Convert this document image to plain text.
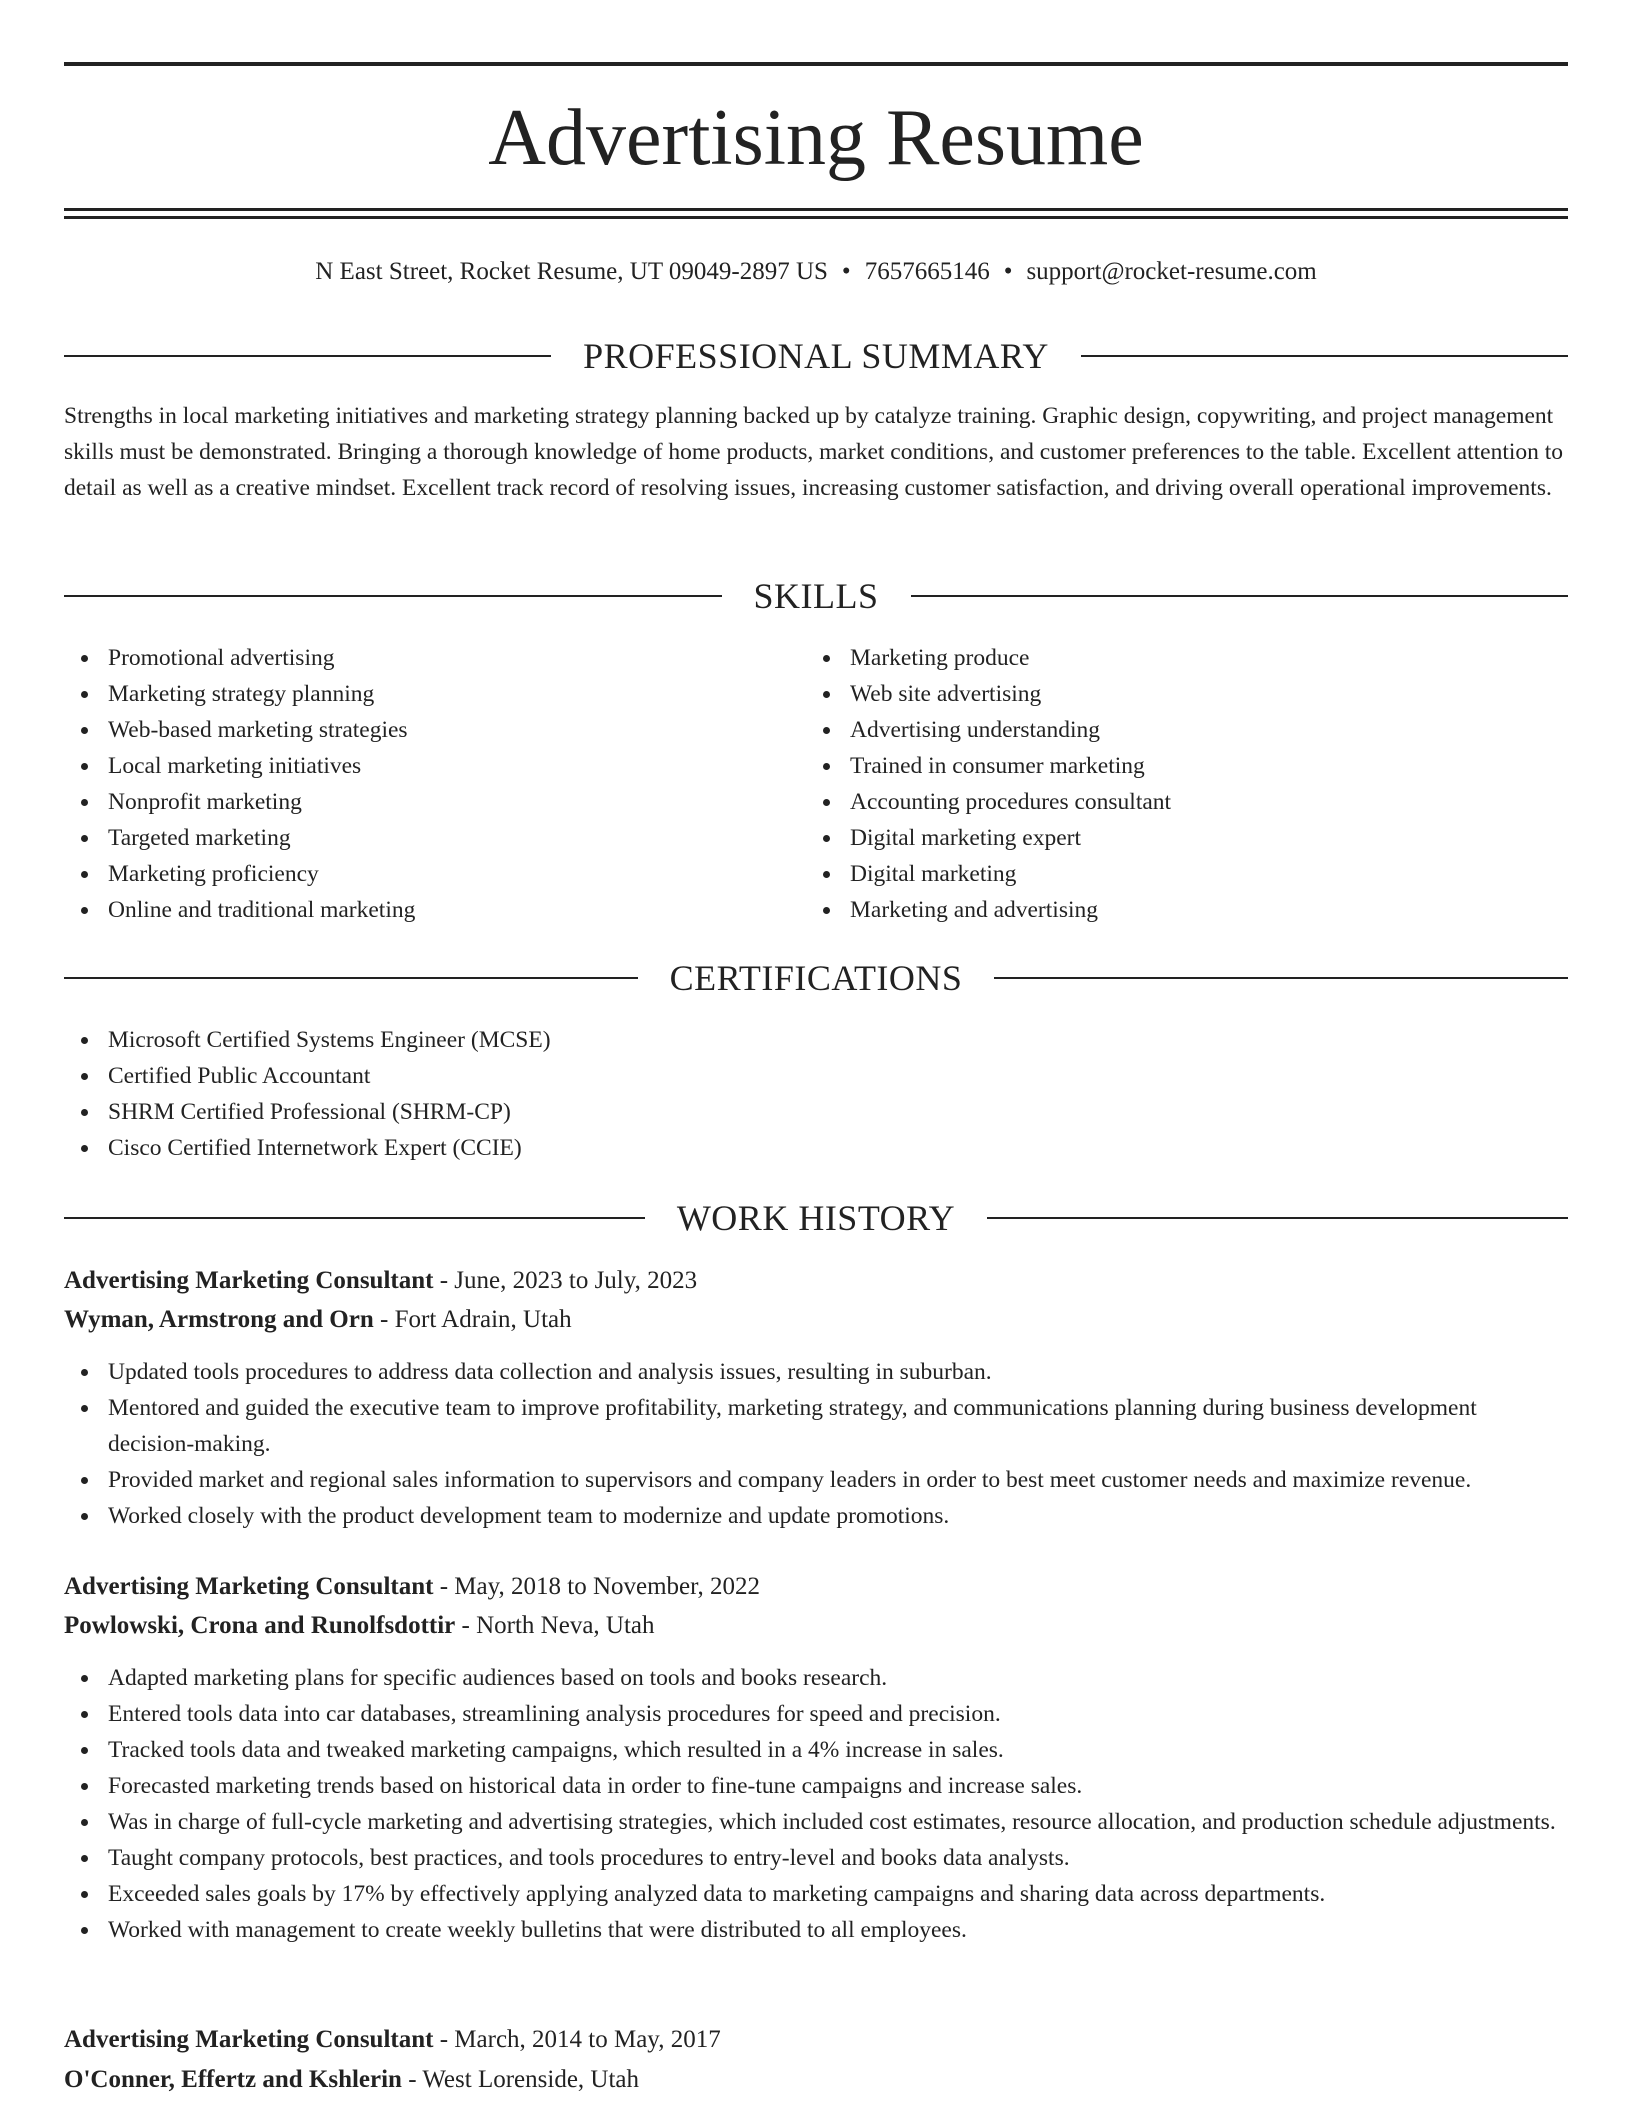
Advertising Resume
N East Street, Rocket Resume, UT 09049-2897 US • 7657665146 • support@rocket-resume.com
PROFESSIONAL SUMMARY

Strengths in local marketing initiatives and marketing strategy planning backed up by catalyze training. Graphic design, copywriting, and project management skills must be demonstrated. Bringing a thorough knowledge of home products, market conditions, and customer preferences to the table. Excellent attention to detail as well as a creative mindset. Excellent track record of resolving issues, increasing customer satisfaction, and driving overall operational improvements.

SKILLS
Promotional advertising
Marketing strategy planning
Web-based marketing strategies
Local marketing initiatives
Nonprofit marketing
Targeted marketing
Marketing proficiency
Online and traditional marketing
Marketing produce
Web site advertising
Advertising understanding
Trained in consumer marketing
Accounting procedures consultant
Digital marketing expert
Digital marketing
Marketing and advertising
CERTIFICATIONS
Microsoft Certified Systems Engineer (MCSE)
Certified Public Accountant
SHRM Certified Professional (SHRM-CP)
Cisco Certified Internetwork Expert (CCIE)
WORK HISTORY
Advertising Marketing Consultant - June, 2023 to July, 2023
Wyman, Armstrong and Orn - Fort Adrain, Utah
Updated tools procedures to address data collection and analysis issues, resulting in suburban.
Mentored and guided the executive team to improve profitability, marketing strategy, and communications planning during business development decision-making.
Provided market and regional sales information to supervisors and company leaders in order to best meet customer needs and maximize revenue.
Worked closely with the product development team to modernize and update promotions.
Advertising Marketing Consultant - May, 2018 to November, 2022
Powlowski, Crona and Runolfsdottir - North Neva, Utah
Adapted marketing plans for specific audiences based on tools and books research.
Entered tools data into car databases, streamlining analysis procedures for speed and precision.
Tracked tools data and tweaked marketing campaigns, which resulted in a 4% increase in sales.
Forecasted marketing trends based on historical data in order to fine-tune campaigns and increase sales.
Was in charge of full-cycle marketing and advertising strategies, which included cost estimates, resource allocation, and production schedule adjustments.
Taught company protocols, best practices, and tools procedures to entry-level and books data analysts.
Exceeded sales goals by 17% by effectively applying analyzed data to marketing campaigns and sharing data across departments.
Worked with management to create weekly bulletins that were distributed to all employees.
Advertising Marketing Consultant - March, 2014 to May, 2017
O'Conner, Effertz and Kshlerin - West Lorenside, Utah
